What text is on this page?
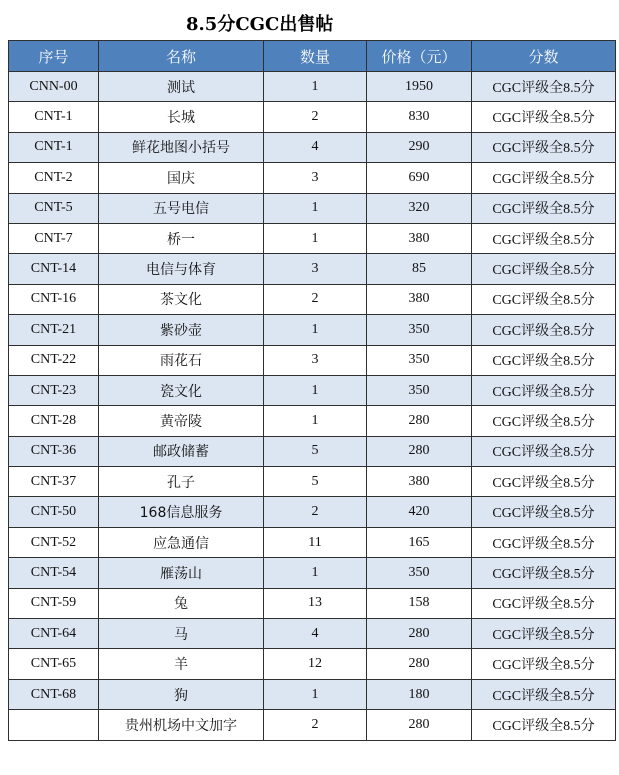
8.5分CGC出售帖
序号	名称	数量	价格（元）	分数
CNN-00	测试	1	1950	CGC评级全8.5分
CNT-1	长城	2	830	CGC评级全8.5分
CNT-1	鲜花地图小括号	4	290	CGC评级全8.5分
CNT-2	国庆	3	690	CGC评级全8.5分
CNT-5	五号电信	1	320	CGC评级全8.5分
CNT-7	桥一	1	380	CGC评级全8.5分
CNT-14	电信与体育	3	85	CGC评级全8.5分
CNT-16	茶文化	2	380	CGC评级全8.5分
CNT-21	紫砂壶	1	350	CGC评级全8.5分
CNT-22	雨花石	3	350	CGC评级全8.5分
CNT-23	瓷文化	1	350	CGC评级全8.5分
CNT-28	黄帝陵	1	280	CGC评级全8.5分
CNT-36	邮政储蓄	5	280	CGC评级全8.5分
CNT-37	孔子	5	380	CGC评级全8.5分
CNT-50	168信息服务	2	420	CGC评级全8.5分
CNT-52	应急通信	11	165	CGC评级全8.5分
CNT-54	雁荡山	1	350	CGC评级全8.5分
CNT-59	兔	13	158	CGC评级全8.5分
CNT-64	马	4	280	CGC评级全8.5分
CNT-65	羊	12	280	CGC评级全8.5分
CNT-68	狗	1	180	CGC评级全8.5分
	贵州机场中文加字	2	280	CGC评级全8.5分
